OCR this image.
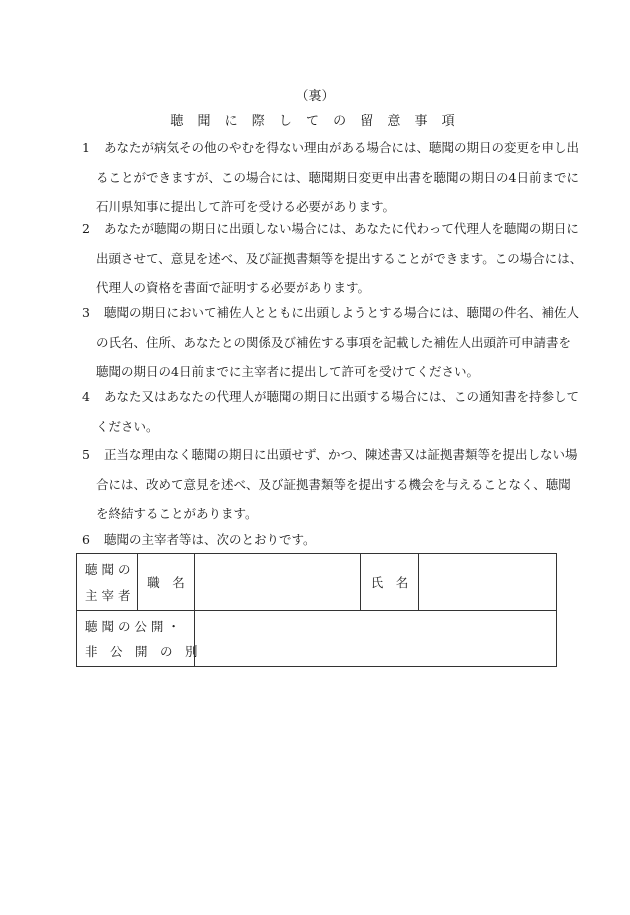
（裏）
聴 聞 に 際 し て の 留 意 事 項
1 あなたが病気その他のやむを得ない理由がある場合には、聴聞の期日の変更を申し出
ることができますが、この場合には、聴聞期日変更申出書を聴聞の期日の4日前までに
石川県知事に提出して許可を受ける必要があります。
2 あなたが聴聞の期日に出頭しない場合には、あなたに代わって代理人を聴聞の期日に
出頭させて、意見を述べ、及び証拠書類等を提出することができます。この場合には、
代理人の資格を書面で証明する必要があります。
3 聴聞の期日において補佐人とともに出頭しようとする場合には、聴聞の件名、補佐人
の氏名、住所、あなたとの関係及び補佐する事項を記載した補佐人出頭許可申請書を
聴聞の期日の4日前までに主宰者に提出して許可を受けてください。
4 あなた又はあなたの代理人が聴聞の期日に出頭する場合には、この通知書を持参して
ください。
5 正当な理由なく聴聞の期日に出頭せず、かつ、陳述書又は証拠書類等を提出しない場
合には、改めて意見を述べ、及び証拠書類等を提出する機会を与えることなく、聴聞
を終結することがあります。
6 聴聞の主宰者等は、次のとおりです。
聴 聞 の
主 宰 者	職　名		氏　名	

聴 聞 の 公 開 ・
非　公　開　の　別				
